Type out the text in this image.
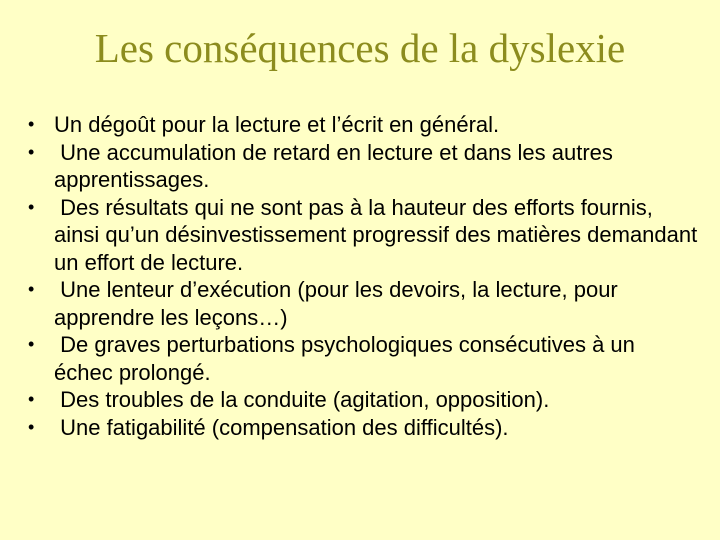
Les conséquences de la dyslexie
• Un dégoût pour la lecture et l’écrit en général.
• Une accumulation de retard en lecture et dans les autres apprentissages.
• Des résultats qui ne sont pas à la hauteur des efforts fournis, ainsi qu’un désinvestissement progressif des matières demandant un effort de lecture.
• Une lenteur d’exécution (pour les devoirs, la lecture, pour apprendre les leçons…)
• De graves perturbations psychologiques consécutives à un échec prolongé.
• Des troubles de la conduite (agitation, opposition).
• Une fatigabilité (compensation des difficultés).
